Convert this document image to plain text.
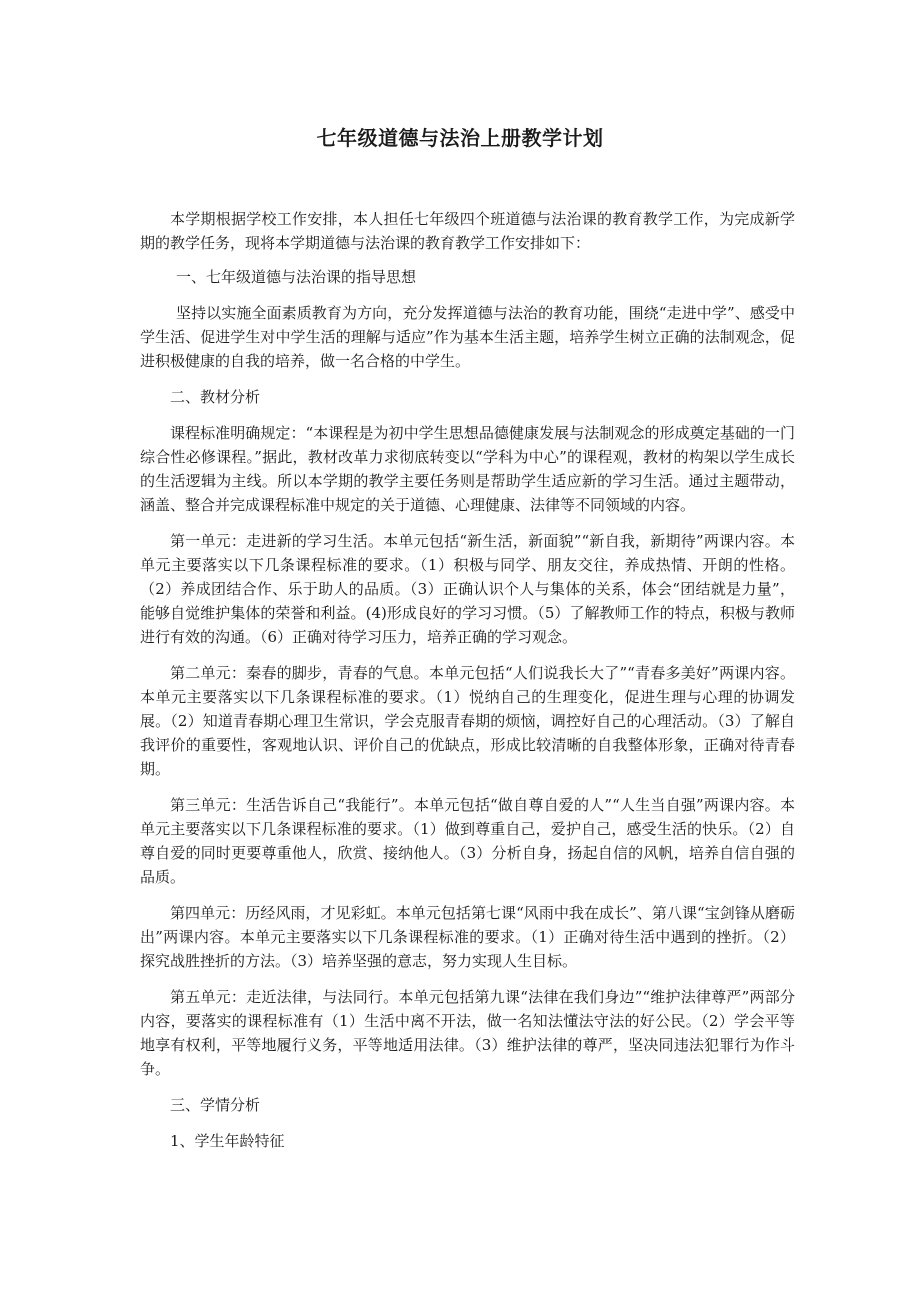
七年级道德与法治上册教学计划

本学期根据学校工作安排，本人担任七年级四个班道德与法治课的教育教学工作，为完成新学期的教学任务，现将本学期道德与法治课的教育教学工作安排如下：

一、七年级道德与法治课的指导思想

坚持以实施全面素质教育为方向，充分发挥道德与法治的教育功能，围绕“走进中学”、感受中学生活、促进学生对中学生活的理解与适应”作为基本生活主题，培养学生树立正确的法制观念，促进积极健康的自我的培养，做一名合格的中学生。

二、教材分析

课程标准明确规定：“本课程是为初中学生思想品德健康发展与法制观念的形成奠定基础的一门综合性必修课程。”据此，教材改革力求彻底转变以“学科为中心”的课程观，教材的构架以学生成长的生活逻辑为主线。所以本学期的教学主要任务则是帮助学生适应新的学习生活。通过主题带动，涵盖、整合并完成课程标准中规定的关于道德、心理健康、法律等不同领域的内容。

第一单元：走进新的学习生活。本单元包括“新生活，新面貌”“新自我，新期待”两课内容。本单元主要落实以下几条课程标准的要求。（1）积极与同学、朋友交往，养成热情、开朗的性格。（2）养成团结合作、乐于助人的品质。（3）正确认识个人与集体的关系，体会“团结就是力量”，能够自觉维护集体的荣誉和利益。(4)形成良好的学习习惯。（5）了解教师工作的特点，积极与教师进行有效的沟通。（6）正确对待学习压力，培养正确的学习观念。

第二单元：秦春的脚步，青春的气息。本单元包括“人们说我长大了”“青春多美好”两课内容。本单元主要落实以下几条课程标准的要求。（1）悦纳自己的生理变化，促进生理与心理的协调发展。（2）知道青春期心理卫生常识，学会克服青春期的烦恼，调控好自己的心理活动。（3）了解自我评价的重要性，客观地认识、评价自己的优缺点，形成比较清晰的自我整体形象，正确对待青春期。

第三单元：生活告诉自己“我能行”。本单元包括“做自尊自爱的人”“人生当自强”两课内容。本单元主要落实以下几条课程标准的要求。（1）做到尊重自己，爱护自己，感受生活的快乐。（2）自尊自爱的同时更要尊重他人，欣赏、接纳他人。（3）分析自身，扬起自信的风帆，培养自信自强的品质。

第四单元：历经风雨，才见彩虹。本单元包括第七课“风雨中我在成长”、第八课“宝剑锋从磨砺出”两课内容。本单元主要落实以下几条课程标准的要求。（1）正确对待生活中遇到的挫折。（2）探究战胜挫折的方法。（3）培养坚强的意志，努力实现人生目标。

第五单元：走近法律，与法同行。本单元包括第九课“法律在我们身边”“维护法律尊严”两部分内容，要落实的课程标准有（1）生活中离不开法，做一名知法懂法守法的好公民。（2）学会平等地享有权利，平等地履行义务，平等地适用法律。（3）维护法律的尊严，坚决同违法犯罪行为作斗争。

三、学情分析

1、学生年龄特征
